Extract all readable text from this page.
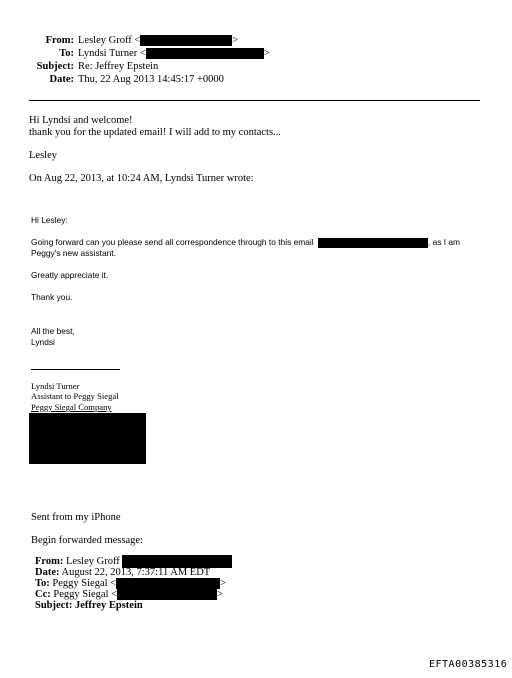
From: Lesley Groff <	>
To: Lyndsi Turner <	>
Subject: Re: Jeffrey Epstein
Date: Thu, 22 Aug 2013 14:45:17 +0000
Hi Lyndsi and welcome!
thank you for the updated email! I will add to my contacts...
Lesley
On Aug 22, 2013, at 10:24 AM, Lyndsi Turner wrote:
Hi Lesley:
Going forward can you please send all correspondence through to this email	, as I am
Peggy's new assistant.
Greatly appreciate it.
Thank you.
All the best,
Lyndsi
Lyndsi Turner
Assistant to Peggy Siegal
Peggy Siegal Company
Sent from my iPhone
Begin forwarded message:
From: Lesley Groff
Date: August 22, 2013, 7:37:11 AM EDT
To: Peggy Siegal <	>
Cc: Peggy Siegal <	>
Subject: Jeffrey Epstein
EFTA00385316
